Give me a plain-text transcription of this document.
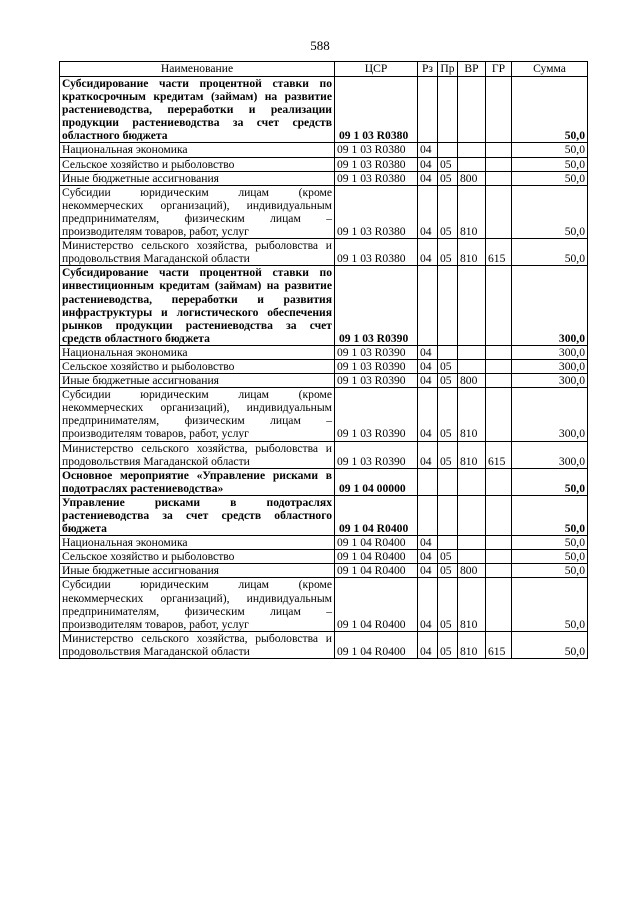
588
Наименование	ЦСР	Рз	Пр	ВР	ГР	Сумма
Субсидирование части процентной ставки по краткосрочным кредитам (займам) на развитие растениеводства, переработки и реализации продукции растениеводства за счет средств областного бюджета	09 1 03 R0380					50,0
Национальная экономика	09 1 03 R0380	04				50,0
Сельское хозяйство и рыболовство	09 1 03 R0380	04	05			50,0
Иные бюджетные ассигнования	09 1 03 R0380	04	05	800		50,0
Субсидии юридическим лицам (кроме некоммерческих организаций), индивидуальным предпринимателям, физическим лицам – производителям товаров, работ, услуг	09 1 03 R0380	04	05	810		50,0
Министерство сельского хозяйства, рыболовства и продовольствия Магаданской области	09 1 03 R0380	04	05	810	615	50,0
Субсидирование части процентной ставки по инвестиционным кредитам (займам) на развитие растениеводства, переработки и развития инфраструктуры и логистического обеспечения рынков продукции растениеводства за счет средств областного бюджета	09 1 03 R0390					300,0
Национальная экономика	09 1 03 R0390	04				300,0
Сельское хозяйство и рыболовство	09 1 03 R0390	04	05			300,0
Иные бюджетные ассигнования	09 1 03 R0390	04	05	800		300,0
Субсидии юридическим лицам (кроме некоммерческих организаций), индивидуальным предпринимателям, физическим лицам – производителям товаров, работ, услуг	09 1 03 R0390	04	05	810		300,0
Министерство сельского хозяйства, рыболовства и продовольствия Магаданской области	09 1 03 R0390	04	05	810	615	300,0
Основное мероприятие «Управление рисками в подотраслях растениеводства»	09 1 04 00000					50,0
Управление рисками в подотраслях растениеводства за счет средств областного бюджета	09 1 04 R0400					50,0
Национальная экономика	09 1 04 R0400	04				50,0
Сельское хозяйство и рыболовство	09 1 04 R0400	04	05			50,0
Иные бюджетные ассигнования	09 1 04 R0400	04	05	800		50,0
Субсидии юридическим лицам (кроме некоммерческих организаций), индивидуальным предпринимателям, физическим лицам – производителям товаров, работ, услуг	09 1 04 R0400	04	05	810		50,0
Министерство сельского хозяйства, рыболовства и продовольствия Магаданской области	09 1 04 R0400	04	05	810	615	50,0
